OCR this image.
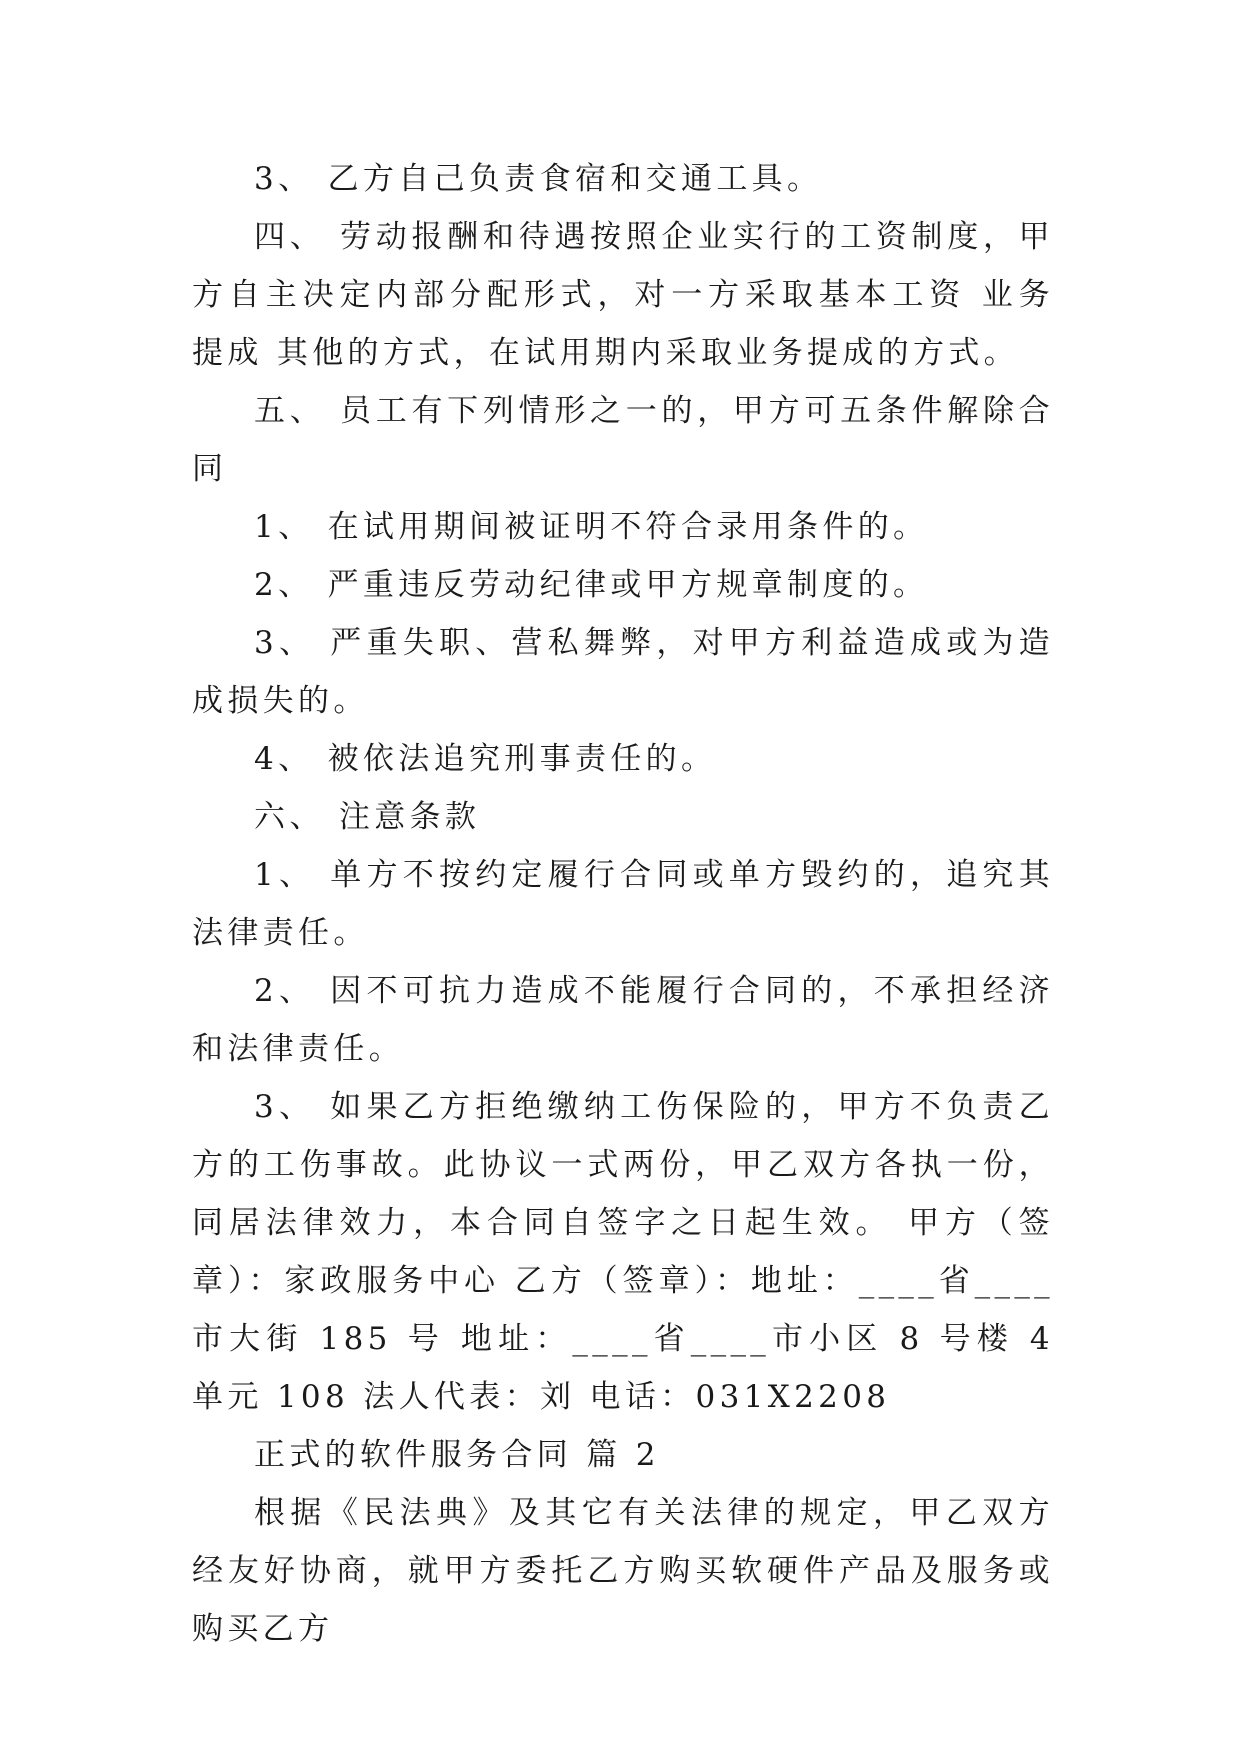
3、 乙方自己负责食宿和交通工具。

四、 劳动报酬和待遇按照企业实行的工资制度，甲方自主决定内部分配形式，对一方采取基本工资 业务提成 其他的方式，在试用期内采取业务提成的方式。

五、 员工有下列情形之一的，甲方可五条件解除合同

1、 在试用期间被证明不符合录用条件的。

2、 严重违反劳动纪律或甲方规章制度的。

3、 严重失职、营私舞弊，对甲方利益造成或为造成损失的。

4、 被依法追究刑事责任的。

六、 注意条款

1、 单方不按约定履行合同或单方毁约的，追究其法律责任。

2、 因不可抗力造成不能履行合同的，不承担经济和法律责任。

3、 如果乙方拒绝缴纳工伤保险的，甲方不负责乙方的工伤事故。此协议一式两份，甲乙双方各执一份，同居法律效力，本合同自签字之日起生效。 甲方（签章）：家政服务中心 乙方（签章）：地址：____省____市大街 185 号 地址：____省____市小区 8 号楼 4 单元 108 法人代表：刘 电话：031X2208

正式的软件服务合同 篇 2

根据《民法典》及其它有关法律的规定，甲乙双方经友好协商，就甲方委托乙方购买软硬件产品及服务或购买乙方
